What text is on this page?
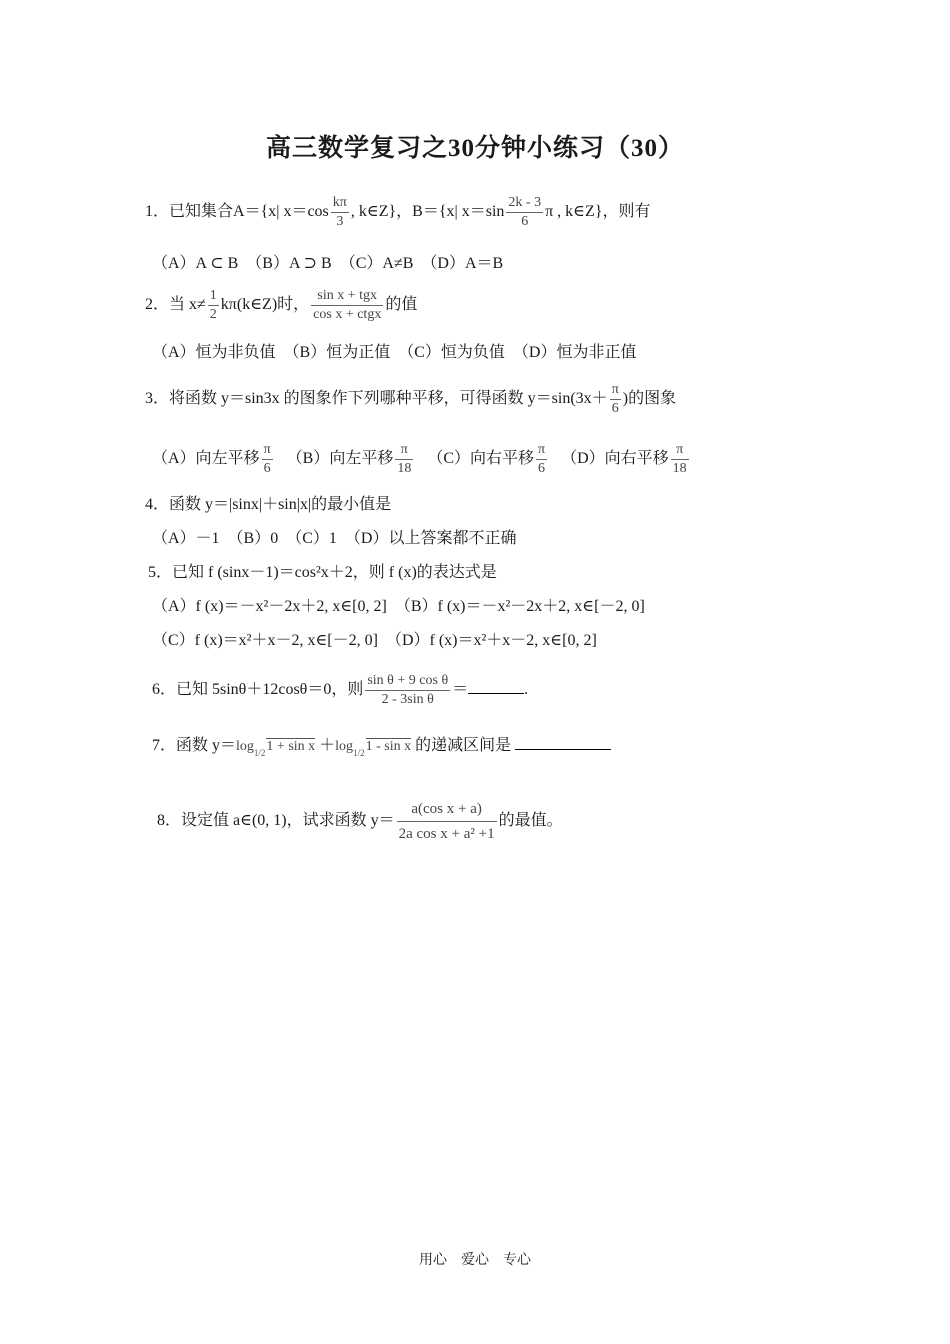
高三数学复习之30分钟小练习（30）
1．已知集合A＝{x| $x=\cos \frac{k\pi}{3}$ , k∈Z}，B＝{x| $x=\sin \frac{2k - 3}{6}$ π , k∈Z}，则有
（A）A ⊂ B　（B）A ⊃ B　（C）A≠B　（D）A＝B
2．当 $x\ne \frac{1}{2}$ kπ(k∈Z)时， $\frac{\text{sin x + tgx}}{\text{cos x + ctgx}}$ 的值
（A）恒为非负值　（B）恒为正值　（C）恒为负值　（D）恒为非正值
3．将函数 y＝sin3x 的图象作下列哪种平移，可得函数 $y=\sin(3x+ \frac{\pi}{6}$ )的图象
（A）向左平移 $\frac{\pi}{6} (B)$向左平移 $\frac{\pi}{18} (C)$向右平移 $\frac{\pi}{6} (D)$向右平移 $\frac{\pi}{18}$
4．函数 y＝|sinx|＋sin|x|的最小值是
（A）－1　（B）0　（C）1　（D）以上答案都不正确
5．已知 f (sinx－1)＝cos²x＋2，则 f (x)的表达式是
（A）f (x)＝－x²－2x＋2, x∈[0, 2]　（B）f (x)＝－x²－2x＋2, x∈[－2, 0]
（C）f (x)＝x²＋x－2, x∈[－2, 0]　（D）f (x)＝x²＋x－2, x∈[0, 2]
6．已知 5sinθ＋12cosθ＝0，则 $\frac{\text{sin θ + 9 cos θ}}{\text{2 - 3sin θ}}$ ＝	.
7．函数 y＝log1/21 + sin x ＋log1/21 - sin x 的递减区间是
8．设定值 a∈(0, 1)，试求函数 $y= \frac{\text{a(cos x + a)}}{\text{2a cos x + a² +1}}$ 的最值。
用心　爱心　专心
